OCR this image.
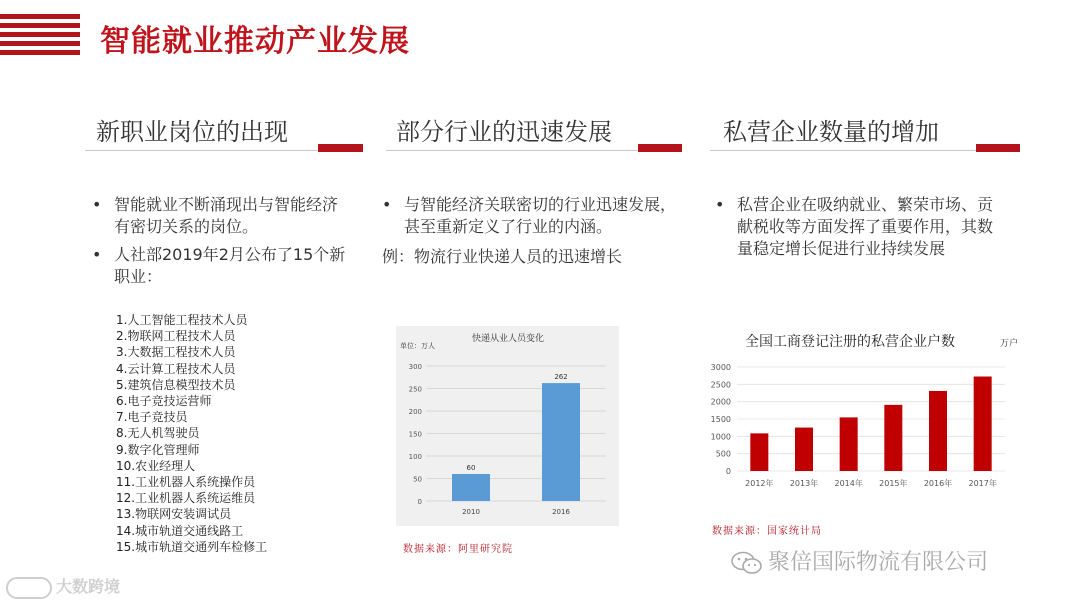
智能就业推动产业发展
新职业岗位的出现
• 智能就业不断涌现出与智能经济有密切关系的岗位。
• 人社部2019年2月公布了15个新职业：
1.人工智能工程技术人员
2.物联网工程技术人员
3.大数据工程技术人员
4.云计算工程技术人员
5.建筑信息模型技术员
6.电子竞技运营师
7.电子竞技员
8.无人机驾驶员
9.数字化管理师
10.农业经理人
11.工业机器人系统操作员
12.工业机器人系统运维员
13.物联网安装调试员
14.城市轨道交通线路工
15.城市轨道交通列车检修工
部分行业的迅速发展
• 与智能经济关联密切的行业迅速发展，甚至重新定义了行业的内涵。
例：物流行业快递人员的迅速增长
快递从业人员变化
单位：万人
0
50
100
150
200
250
300
60
2010
262
2016
数据来源：阿里研究院
私营企业数量的增加
• 私营企业在吸纳就业、繁荣市场、贡献税收等方面发挥了重要作用，其数量稳定增长促进行业持续发展
全国工商登记注册的私营企业户数	万户
0
500
1000
1500
2000
2500
3000
2012年 2013年 2014年 2015年 2016年 2017年
数据来源：国家统计局
大数跨境
聚倍国际物流有限公司
